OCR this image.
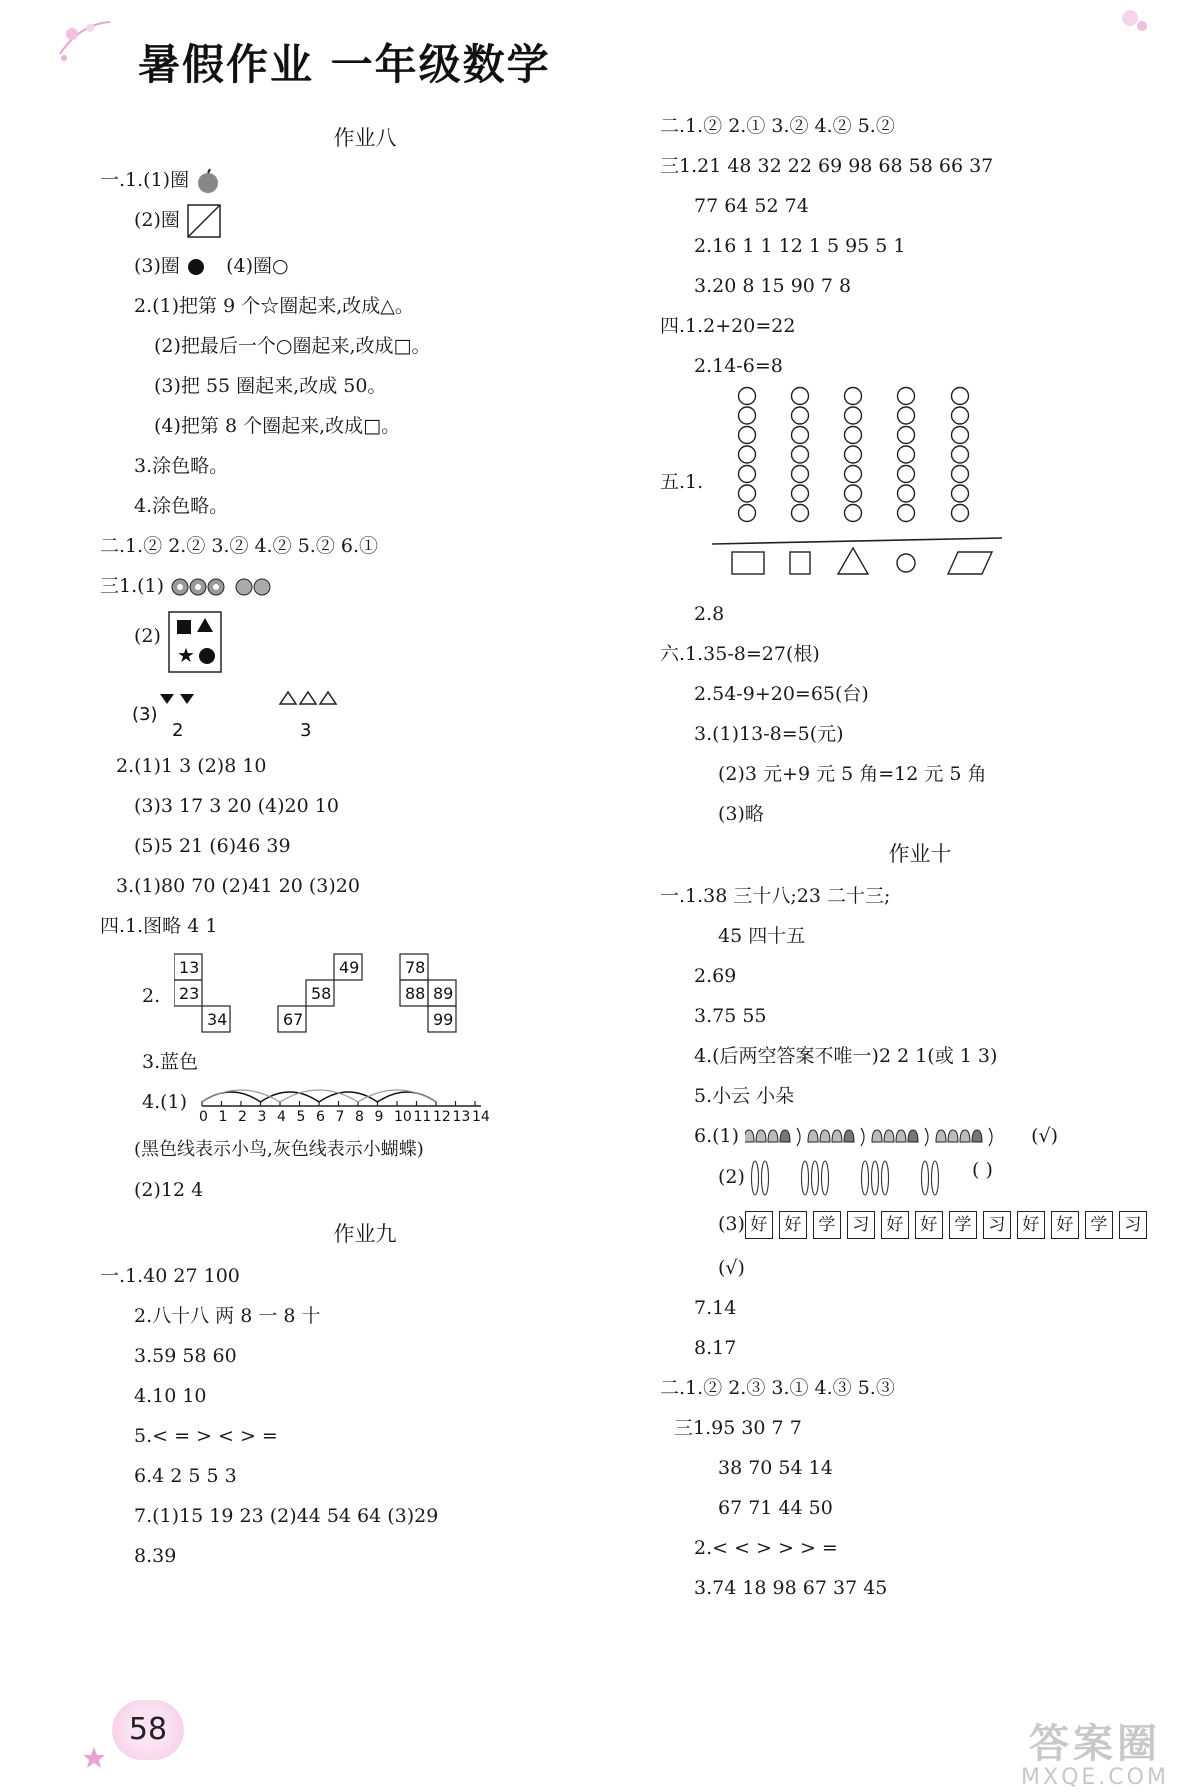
暑假作业 一年级数学
作业八
一.1.(1)圈
(2)圈
(3)圈 (4)圈○
2.(1)把第 9 个☆圈起来,改成△。
(2)把最后一个○圈起来,改成□。
(3)把 55 圈起来,改成 50。
(4)把第 8 个圈起来,改成□。
3.涂色略。
4.涂色略。
二.1.② 2.② 3.② 4.② 5.② 6.①
三1.(1)
(2)
★
(3)
2	3
2.(1)1 3 (2)8 10
(3)3 17 3 20 (4)20 10
(5)5 21 (6)46 39
3.(1)80 70 (2)41 20 (3)20
四.1.图略 4 1
2.
13
23
34
49
58
67
78
88 89
99
3.蓝色
4.(1)
0 1 2 3 4 5 6 7 8 9 10 11 12 13 14
(黑色线表示小鸟,灰色线表示小蝴蝶)
(2)12 4
作业九
一.1.40 27 100
2.八十八 两 8 一 8 十
3.59 58 60
4.10 10
5.< = > < > =
6.4 2 5 5 3
7.(1)15 19 23 (2)44 54 64 (3)29
8.39
二.1.② 2.① 3.② 4.② 5.②
三1.21 48 32 22 69 98 68 58 66 37
77 64 52 74
2.16 1 1 12 1 5 95 5 1
3.20 8 15 90 7 8
四.1.2+20=22
2.14-6=8
五.1.
2.8
六.1.35-8=27(根)
2.54-9+20=65(台)
3.(1)13-8=5(元)
(2)3 元+9 元 5 角=12 元 5 角
(3)略
作业十
一.1.38 三十八;23 二十三;
45 四十五
2.69
3.75 55
4.(后两空答案不唯一)2 2 1(或 1 3)
5.小云 小朵
6.(1)	(√)
(2)	( )
(3) 好 好 学 习 好 好 学 习 好 好 学 习
(√)
7.14
8.17
二.1.② 2.③ 3.① 4.③ 5.③
三1.95 30 7 7
38 70 54 14
67 71 44 50
2.< < > > > =
3.74 18 98 67 37 45
58	答案圈
MXQE.COM
